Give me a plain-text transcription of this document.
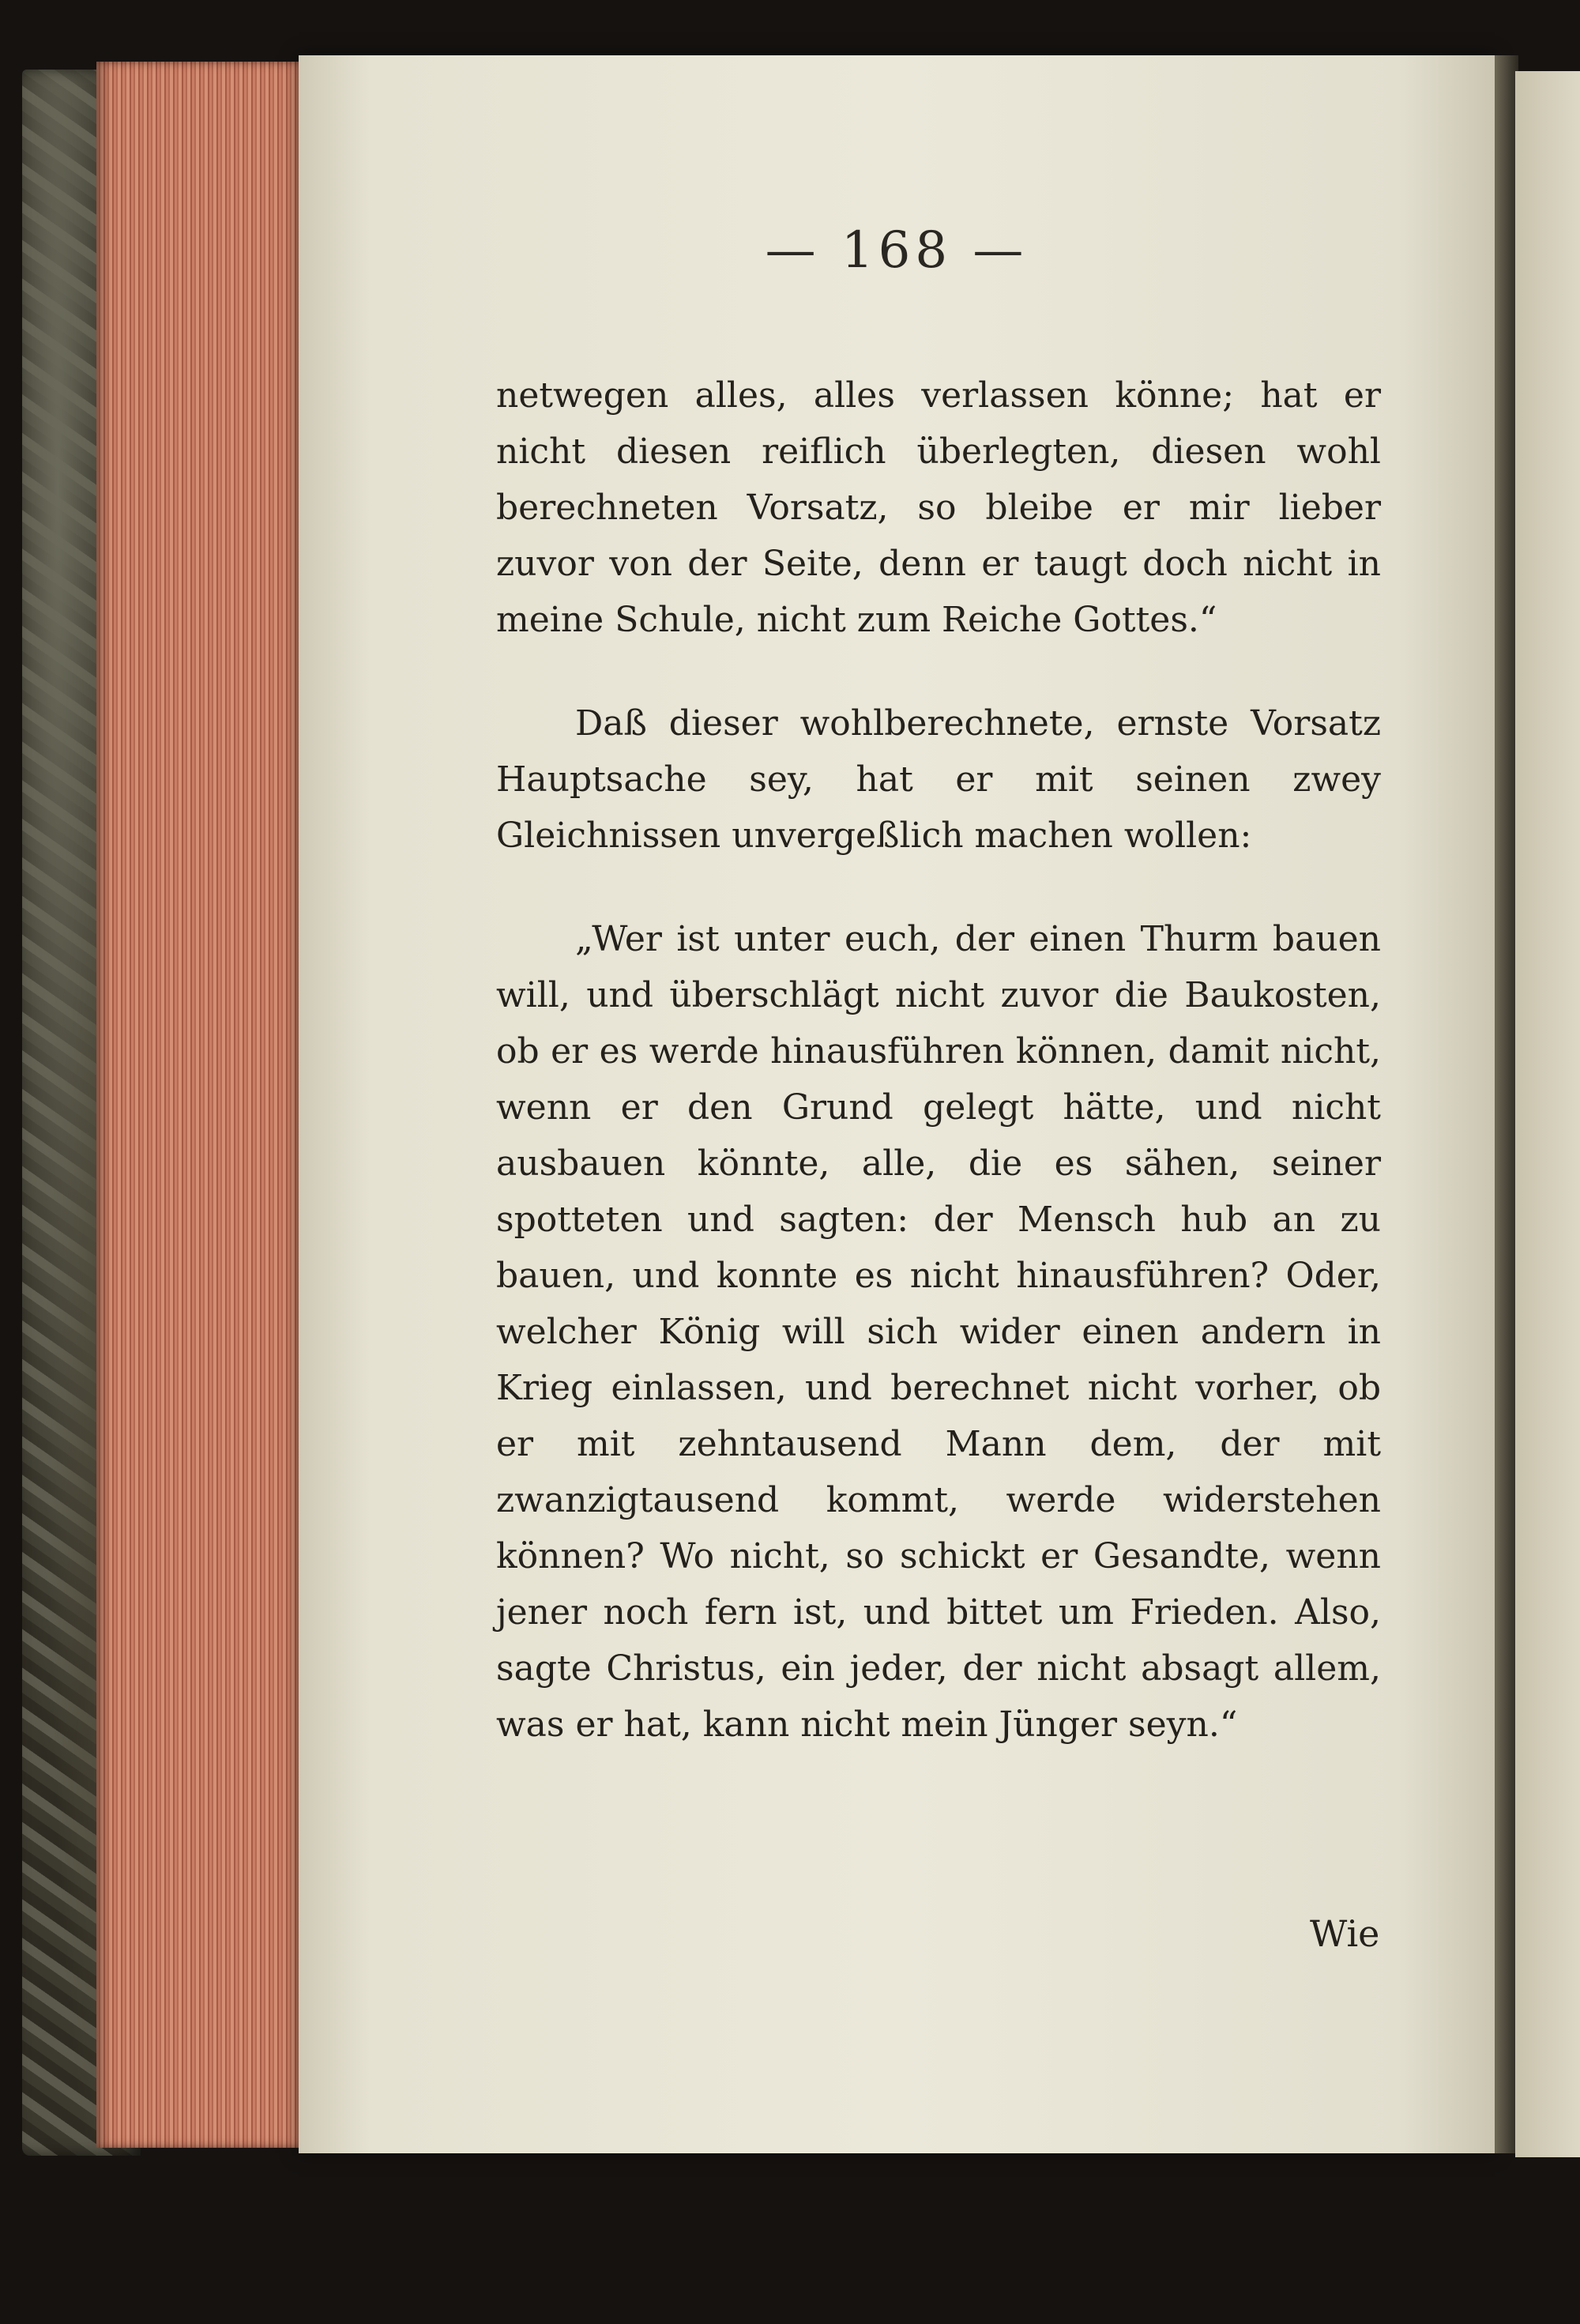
— 168 —

netwegen alles, alles verlassen könne; hat er nicht diesen reiflich überlegten, diesen wohl berechneten Vorsatz, so bleibe er mir lieber zuvor von der Seite, denn er taugt doch nicht in meine Schule, nicht zum Reiche Gottes.“

Daß dieser wohlberechnete, ernste Vorsatz Hauptsache sey, hat er mit seinen zwey Gleichnissen unvergeßlich machen wollen:

„Wer ist unter euch, der einen Thurm bauen will, und überschlägt nicht zuvor die Baukosten, ob er es werde hinausführen können, damit nicht, wenn er den Grund gelegt hätte, und nicht ausbauen könnte, alle, die es sähen, seiner spotteten und sagten: der Mensch hub an zu bauen, und konnte es nicht hinausführen? Oder, welcher König will sich wider einen andern in Krieg einlassen, und berechnet nicht vorher, ob er mit zehntausend Mann dem, der mit zwanzigtausend kommt, werde widerstehen können? Wo nicht, so schickt er Gesandte, wenn jener noch fern ist, und bittet um Frieden. Also, sagte Christus, ein jeder, der nicht absagt allem, was er hat, kann nicht mein Jünger seyn.“

Wie
